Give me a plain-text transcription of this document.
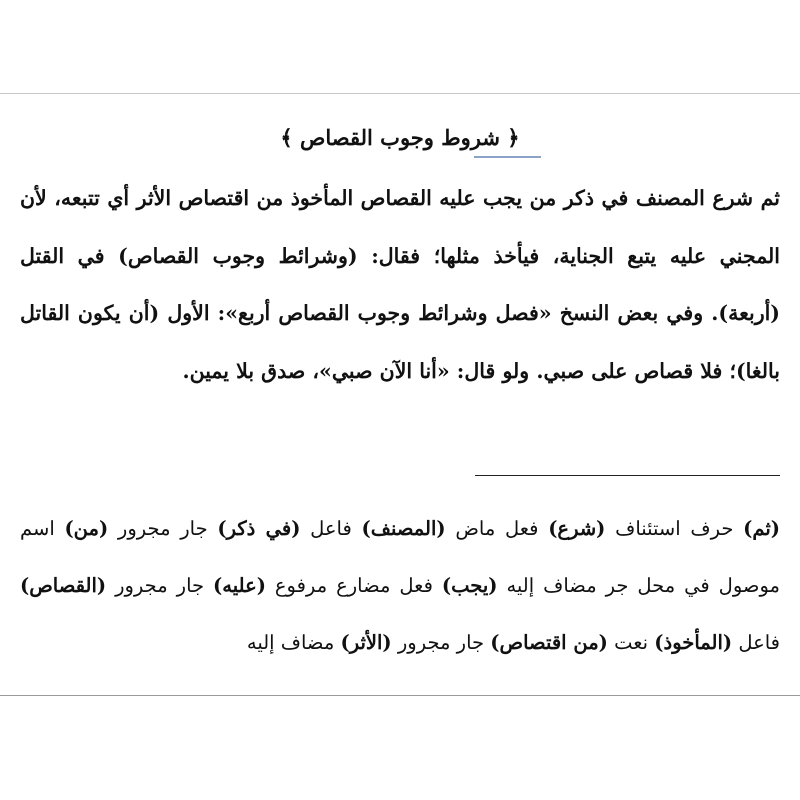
﴿ شروط وجوب القصاص ﴾
ثم شرع المصنف في ذكر من يجب عليه القصاص المأخوذ من اقتصاص الأثر أي تتبعه، لأن المجني عليه يتبع الجناية، فيأخذ مثلها؛ فقال: (وشرائط وجوب القصاص) في القتل (أربعة). وفي بعض النسخ «فصل وشرائط وجوب القصاص أربع»: الأول (أن يكون القاتل بالغا)؛ فلا قصاص على صبي. ولو قال: «أنا الآن صبي»، صدق بلا يمين.
(ثم) حرف استئناف (شرع) فعل ماض (المصنف) فاعل (في ذكر) جار مجرور (من) اسم موصول في محل جر مضاف إليه (يجب) فعل مضارع مرفوع (عليه) جار مجرور (القصاص) فاعل (المأخوذ) نعت (من اقتصاص) جار مجرور (الأثر) مضاف إليه
